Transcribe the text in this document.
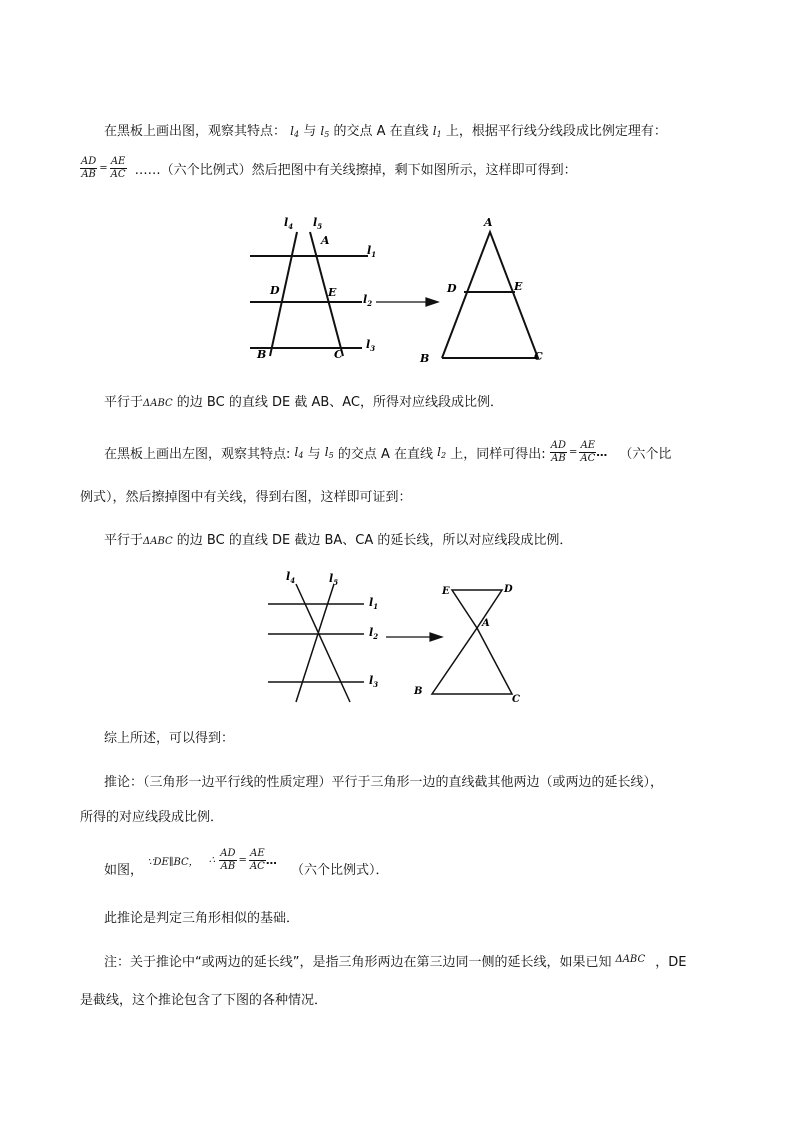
在黑板上画出图，观察其特点： $l_4$ 与 $l_5$ 的交点 A 在直线 $l_1$ 上，根据平行线分线段成比例定理有：
$\frac{AD}{AB} = \frac{AE}{AC}$ ……（六个比例式）然后把图中有关线擦掉，剩下如图所示，这样即可得到：
$l_4$ $l_5$
A
$l_1$
D	E
$l_2$
B	C
$l_3$
A
D	E
B	C
平行于ΔABC 的边 BC 的直线 DE 截 AB、AC，所得对应线段成比例．
在黑板上画出左图，观察其特点: $l_4$ 与 $l_5$ 的交点 A 在直线 $l_2$ 上，同样可得出: $\frac{AD}{AB} = \frac{AE}{AC}$ … （六个比
例式），然后擦掉图中有关线，得到右图，这样即可证到：
平行于ΔABC 的边 BC 的直线 DE 截边 BA、CA 的延长线，所以对应线段成比例．
$l_4$	$l_5$
$l_1$
$l_2$
$l_3$
E	D
A
B
C
综上所述，可以得到：
推论：（三角形一边平行线的性质定理）平行于三角形一边的直线截其他两边（或两边的延长线），
所得的对应线段成比例．
如图， ∵DE∥BC， ∴ $\frac{AD}{AB} = \frac{AE}{AC}$ … （六个比例式）．
此推论是判定三角形相似的基础．
注：关于推论中“或两边的延长线”，是指三角形两边在第三边同一侧的延长线，如果已知 $^{\Delta ABC}$ ，DE
是截线，这个推论包含了下图的各种情况．
